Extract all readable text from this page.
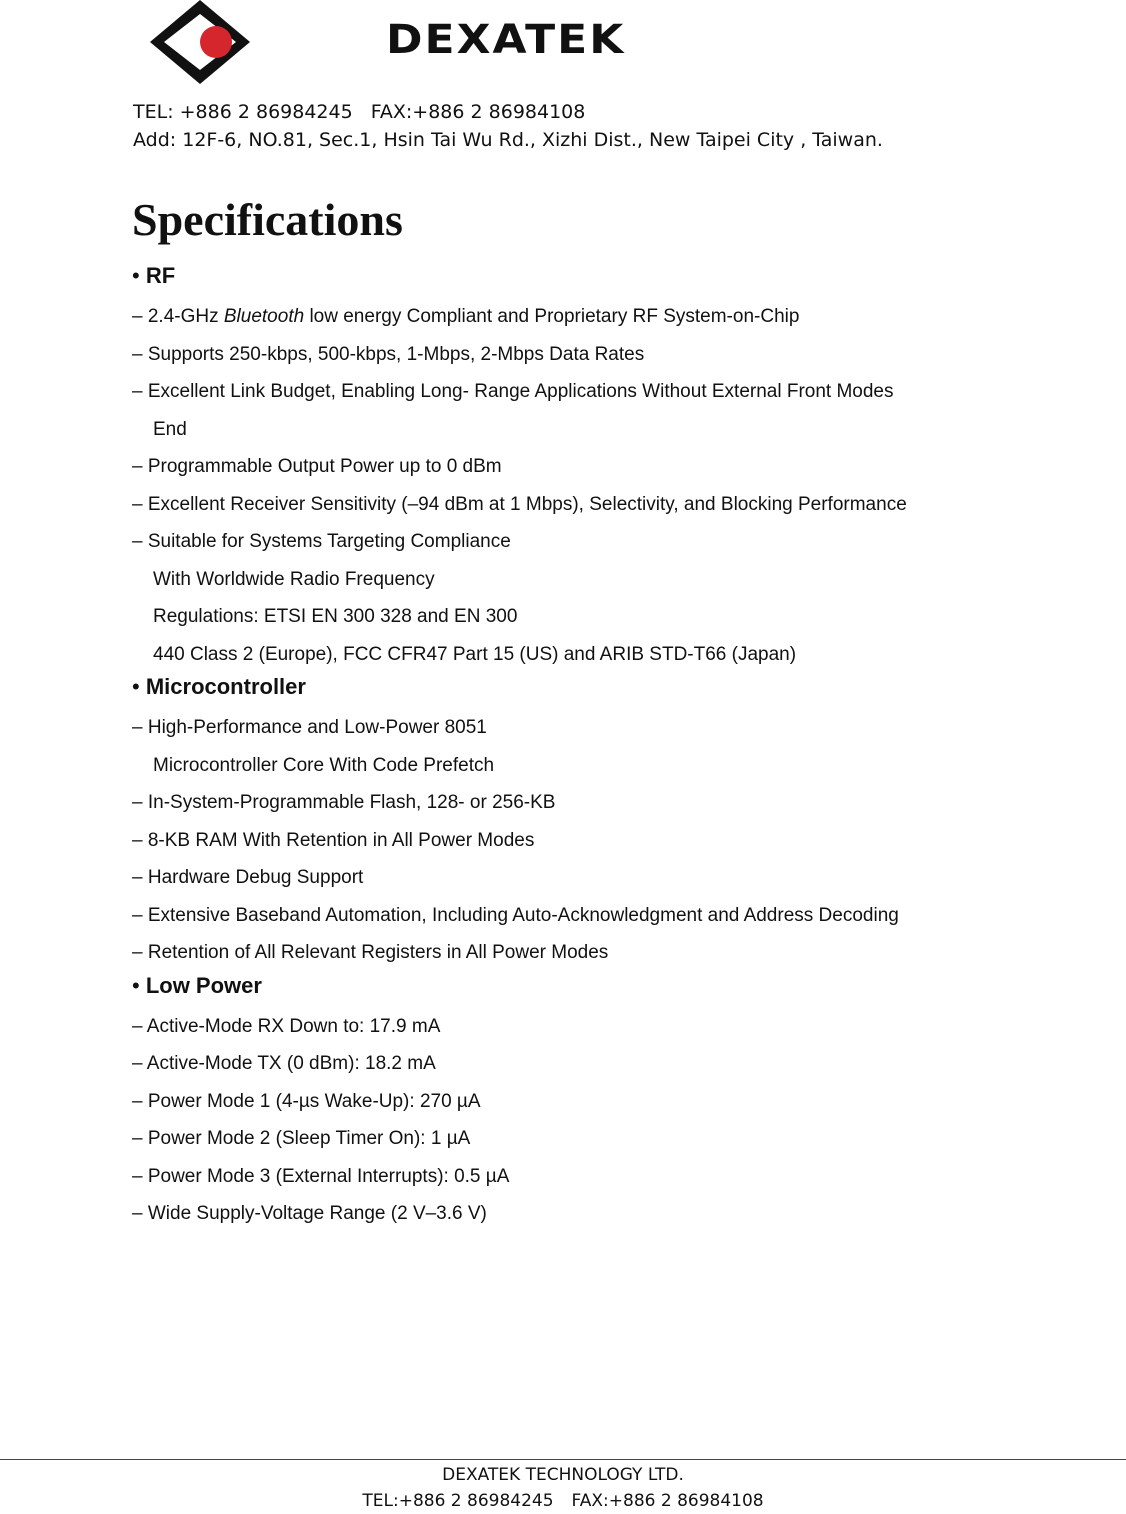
DEXATEK
TEL: +886 2 86984245 FAX:+886 2 86984108
Add: 12F-6, NO.81, Sec.1, Hsin Tai Wu Rd., Xizhi Dist., New Taipei City , Taiwan.
Specifications
• RF
– 2.4-GHz Bluetooth low energy Compliant and Proprietary RF System-on-Chip
– Supports 250-kbps, 500-kbps, 1-Mbps, 2-Mbps Data Rates
– Excellent Link Budget, Enabling Long- Range Applications Without External Front Modes
End
– Programmable Output Power up to 0 dBm
– Excellent Receiver Sensitivity (–94 dBm at 1 Mbps), Selectivity, and Blocking Performance
– Suitable for Systems Targeting Compliance
With Worldwide Radio Frequency
Regulations: ETSI EN 300 328 and EN 300
440 Class 2 (Europe), FCC CFR47 Part 15 (US) and ARIB STD-T66 (Japan)
• Microcontroller
– High-Performance and Low-Power 8051
Microcontroller Core With Code Prefetch
– In-System-Programmable Flash, 128- or 256-KB
– 8-KB RAM With Retention in All Power Modes
– Hardware Debug Support
– Extensive Baseband Automation, Including Auto-Acknowledgment and Address Decoding
– Retention of All Relevant Registers in All Power Modes
• Low Power
– Active-Mode RX Down to: 17.9 mA
– Active-Mode TX (0 dBm): 18.2 mA
– Power Mode 1 (4-µs Wake-Up): 270 µA
– Power Mode 2 (Sleep Timer On): 1 µA
– Power Mode 3 (External Interrupts): 0.5 µA
– Wide Supply-Voltage Range (2 V–3.6 V)
DEXATEK TECHNOLOGY LTD.
TEL:+886 2 86984245 FAX:+886 2 86984108
